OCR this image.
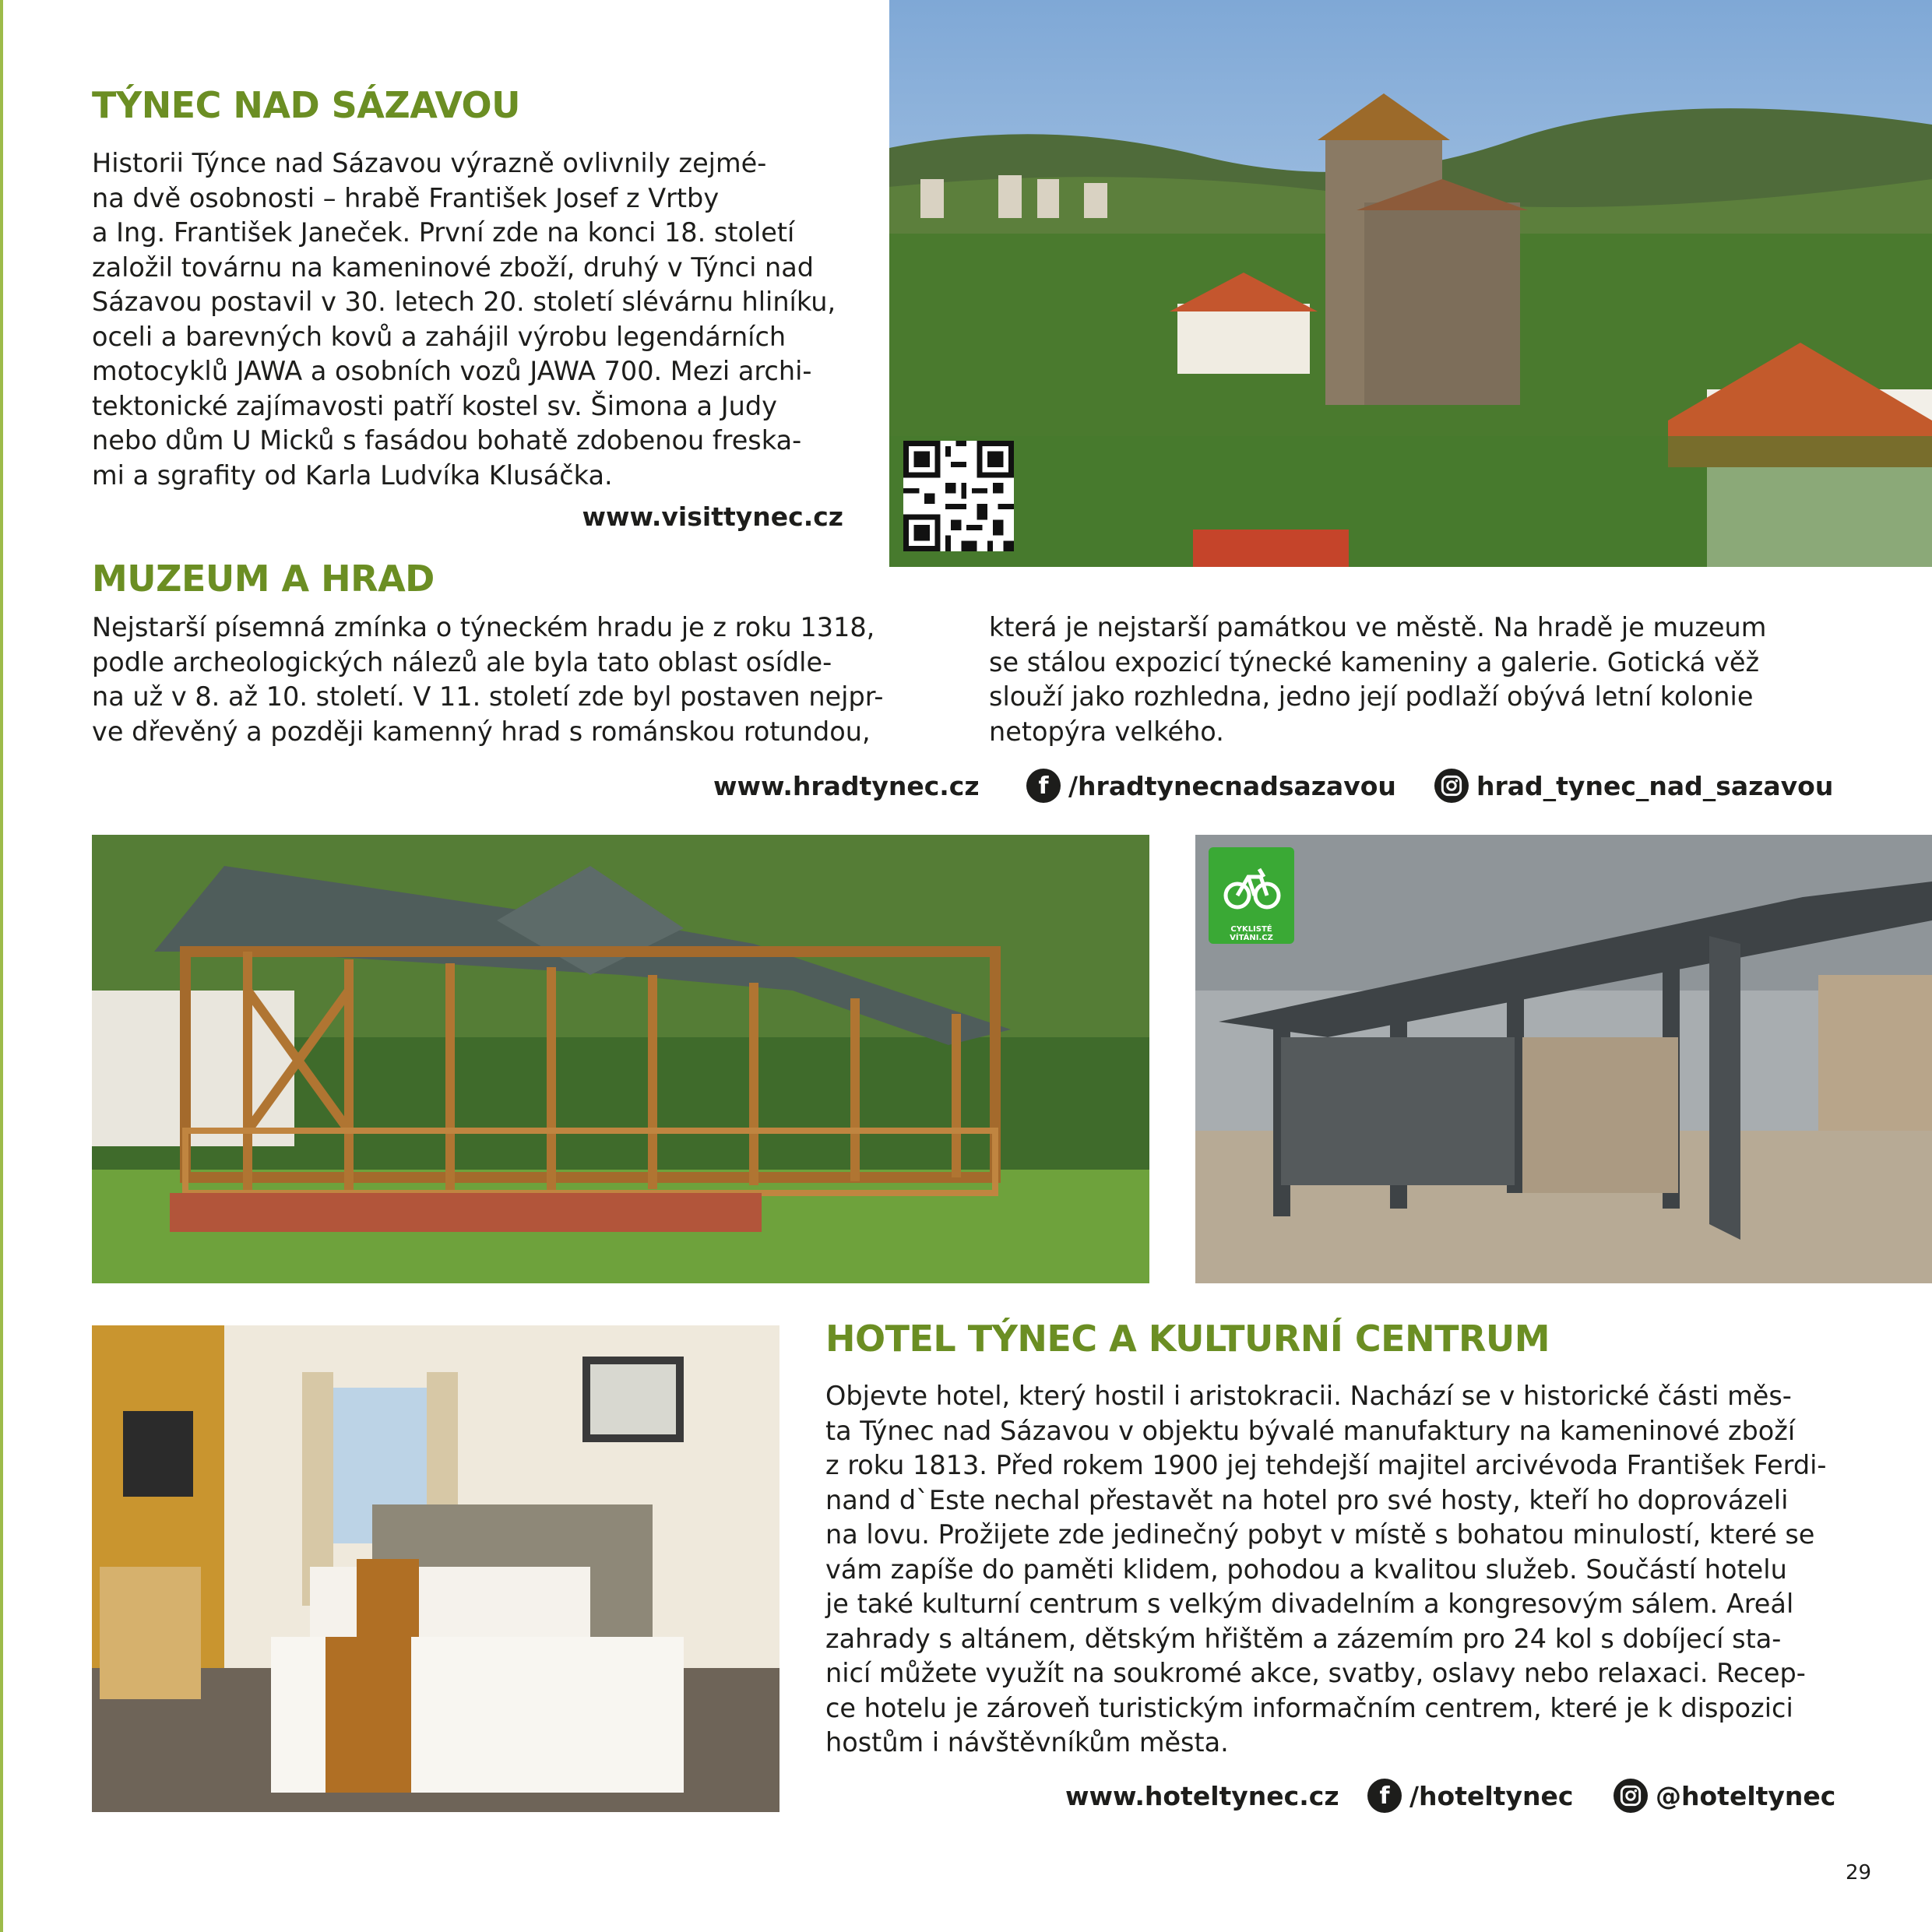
TÝNEC NAD SÁZAVOU

Historii Týnce nad Sázavou výrazně ovlivnily zejmé-
na dvě osobnosti – hrabě František Josef z Vrtby
a Ing. František Janeček. První zde na konci 18. století
založil továrnu na kameninové zboží, druhý v Týnci nad
Sázavou postavil v 30. letech 20. století slévárnu hliníku,
oceli a barevných kovů a zahájil výrobu legendárních
motocyklů JAWA a osobních vozů JAWA 700. Mezi archi-
tektonické zajímavosti patří kostel sv. Šimona a Judy
nebo dům U Micků s fasádou bohatě zdobenou freska-
mi a sgrafity od Karla Ludvíka Klusáčka.

www.visittynec.cz
MUZEUM A HRAD

Nejstarší písemná zmínka o týneckém hradu je z roku 1318,
podle archeologických nálezů ale byla tato oblast osídle-
na už v 8. až 10. století. V 11. století zde byl postaven nejpr-
ve dřevěný a později kamenný hrad s románskou rotundou,

která je nejstarší památkou ve městě. Na hradě je muzeum
se stálou expozicí týnecké kameniny a galerie. Gotická věž
slouží jako rozhledna, jedno její podlaží obývá letní kolonie
netopýra velkého.

www.hradtynec.cz	f /hradtynecnadsazavou	hrad_tynec_nad_sazavou
CYKLISTÉ VÍTÁNI.CZ
HOTEL TÝNEC A KULTURNÍ CENTRUM

Objevte hotel, který hostil i aristokracii. Nachází se v historické části měs-
ta Týnec nad Sázavou v objektu bývalé manufaktury na kameninové zboží
z roku 1813. Před rokem 1900 jej tehdejší majitel arcivévoda František Ferdi-
nand d`Este nechal přestavět na hotel pro své hosty, kteří ho doprovázeli
na lovu. Prožijete zde jedinečný pobyt v místě s bohatou minulostí, které se
vám zapíše do paměti klidem, pohodou a kvalitou služeb. Součástí hotelu
je také kulturní centrum s velkým divadelním a kongresovým sálem. Areál
zahrady s altánem, dětským hřištěm a zázemím pro 24 kol s dobíjecí sta-
nicí můžete využít na soukromé akce, svatby, oslavy nebo relaxaci. Recep-
ce hotelu je zároveň turistickým informačním centrem, které je k dispozici
hostům i návštěvníkům města.

www.hoteltynec.cz	f /hoteltynec	@hoteltynec
29
